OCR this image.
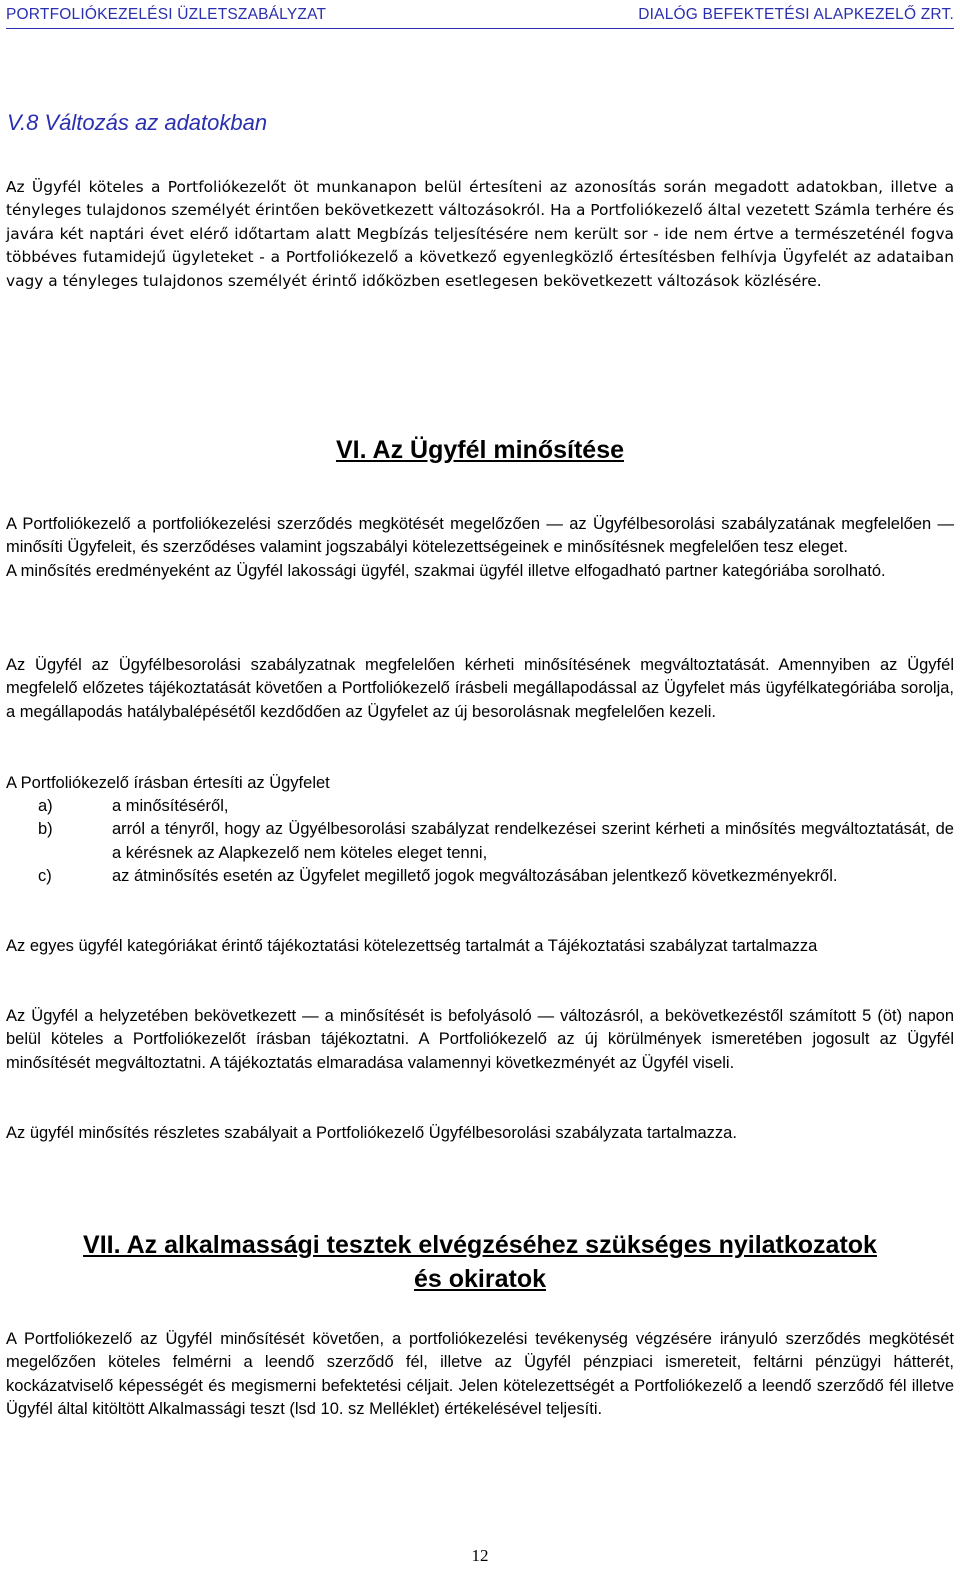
PORTFOLIÓKEZELÉSI ÜZLETSZABÁLYZAT	DIALÓG BEFEKTETÉSI ALAPKEZELŐ ZRT.
V.8 Változás az adatokban

Az Ügyfél köteles a Portfoliókezelőt öt munkanapon belül értesíteni az azonosítás során megadott adatokban, illetve a tényleges tulajdonos személyét érintően bekövetkezett változásokról. Ha a Portfoliókezelő által vezetett Számla terhére és javára két naptári évet elérő időtartam alatt Megbízás teljesítésére nem került sor - ide nem értve a természeténél fogva többéves futamidejű ügyleteket - a Portfoliókezelő a következő egyenlegközlő értesítésben felhívja Ügyfelét az adataiban vagy a tényleges tulajdonos személyét érintő időközben esetlegesen bekövetkezett változások közlésére.

VI. Az Ügyfél minősítése

A Portfoliókezelő a portfoliókezelési szerződés megkötését megelőzően — az Ügyfélbesorolási szabályzatának megfelelően — minősíti Ügyfeleit, és szerződéses valamint jogszabályi kötelezettségeinek e minősítésnek megfelelően tesz eleget.

A minősítés eredményeként az Ügyfél lakossági ügyfél, szakmai ügyfél illetve elfogadható partner kategóriába sorolható.

Az Ügyfél az Ügyfélbesorolási szabályzatnak megfelelően kérheti minősítésének megváltoztatását. Amennyiben az Ügyfél megfelelő előzetes tájékoztatását követően a Portfoliókezelő írásbeli megállapodással az Ügyfelet más ügyfélkategóriába sorolja, a megállapodás hatálybalépésétől kezdődően az Ügyfelet az új besorolásnak megfelelően kezeli.

A Portfoliókezelő írásban értesíti az Ügyfelet

a)	a minősítéséről,
b)	arról a tényről, hogy az Ügyélbesorolási szabályzat rendelkezései szerint kérheti a minősítés megváltoztatását, de a kérésnek az Alapkezelő nem köteles eleget tenni,
c)	az átminősítés esetén az Ügyfelet megillető jogok megváltozásában jelentkező következményekről.

Az egyes ügyfél kategóriákat érintő tájékoztatási kötelezettség tartalmát a Tájékoztatási szabályzat tartalmazza

Az Ügyfél a helyzetében bekövetkezett — a minősítését is befolyásoló — változásról, a bekövetkezéstől számított 5 (öt) napon belül köteles a Portfoliókezelőt írásban tájékoztatni. A Portfoliókezelő az új körülmények ismeretében jogosult az Ügyfél minősítését megváltoztatni. A tájékoztatás elmaradása valamennyi következményét az Ügyfél viseli.

Az ügyfél minősítés részletes szabályait a Portfoliókezelő Ügyfélbesorolási szabályzata tartalmazza.

VII. Az alkalmassági tesztek elvégzéséhez szükséges nyilatkozatok és okiratok

A Portfoliókezelő az Ügyfél minősítését követően, a portfoliókezelési tevékenység végzésére irányuló szerződés megkötését megelőzően köteles felmérni a leendő szerződő fél, illetve az Ügyfél pénzpiaci ismereteit, feltárni pénzügyi hátterét, kockázatviselő képességét és megismerni befektetési céljait. Jelen kötelezettségét a Portfoliókezelő a leendő szerződő fél illetve Ügyfél által kitöltött Alkalmassági teszt (lsd 10. sz Melléklet) értékelésével teljesíti.

12
